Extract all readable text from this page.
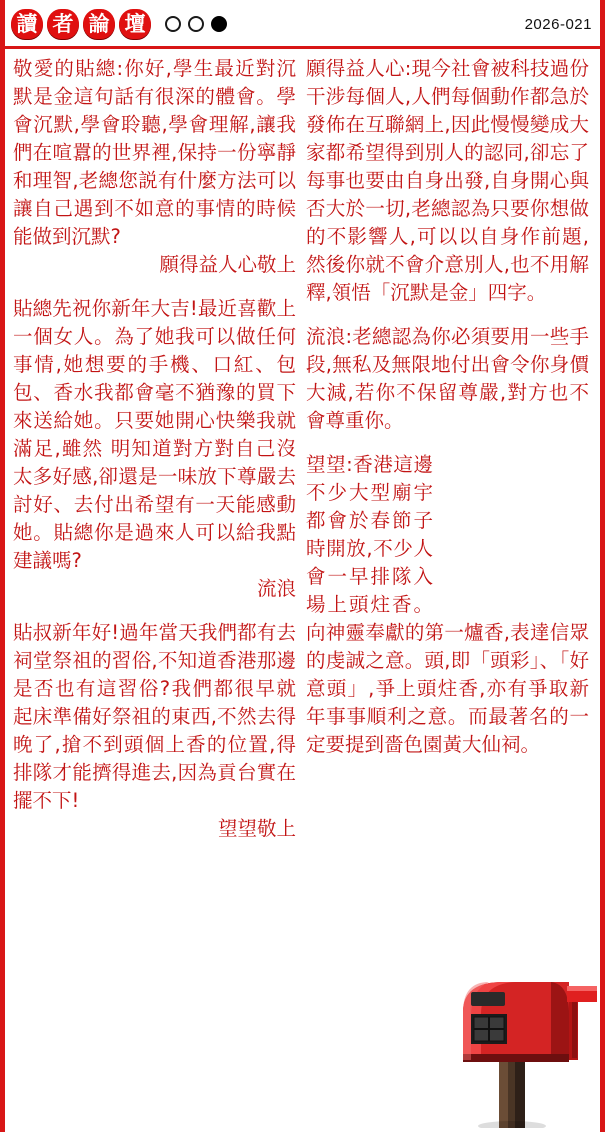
讀 者 論 壇	2026-021
敬愛的貼總:你好,學生最近對沉默是金這句話有很深的體會。學會沉默,學會聆聽,學會理解,讓我們在喧囂的世界裡,保持一份寧靜和理智,老總您説有什麼方法可以讓自己遇到不如意的事情的時候能做到沉默?
願得益人心敬上
貼總先祝你新年大吉!最近喜歡上一個女人。為了她我可以做任何事情,她想要的手機、口紅、包包、香水我都會毫不猶豫的買下來送給她。只要她開心快樂我就滿足,雖然 明知道對方對自己沒太多好感,卻還是一味放下尊嚴去討好、去付出希望有一天能感動她。貼總你是過來人可以給我點建議嗎?
流浪
貼叔新年好!過年當天我們都有去祠堂祭祖的習俗,不知道香港那邊是否也有這習俗?我們都很早就起床準備好祭祖的東西,不然去得晚了,搶不到頭個上香的位置,得排隊才能擠得進去,因為貢台實在擺不下!
望望敬上
願得益人心:現今社會被科技過份干涉每個人,人們每個動作都急於發佈在互聯網上,因此慢慢變成大家都希望得到別人的認同,卻忘了每事也要由自身出發,自身開心與否大於一切,老總認為只要你想做的不影響人,可以以自身作前題,然後你就不會介意別人,也不用解釋,領悟「沉默是金」四字。
流浪:老總認為你必須要用一些手段,無私及無限地付出會令你身價大減,若你不保留尊嚴,對方也不會尊重你。
望望:香港這邊不少大型廟宇都會於春節子時開放,不少人會一早排隊入場上頭炷香。向神靈奉獻的第一爐香,表達信眾的虔誠之意。頭,即「頭彩」、「好意頭」,爭上頭炷香,亦有爭取新年事事順利之意。而最著名的一定要提到嗇色園黃大仙祠。
